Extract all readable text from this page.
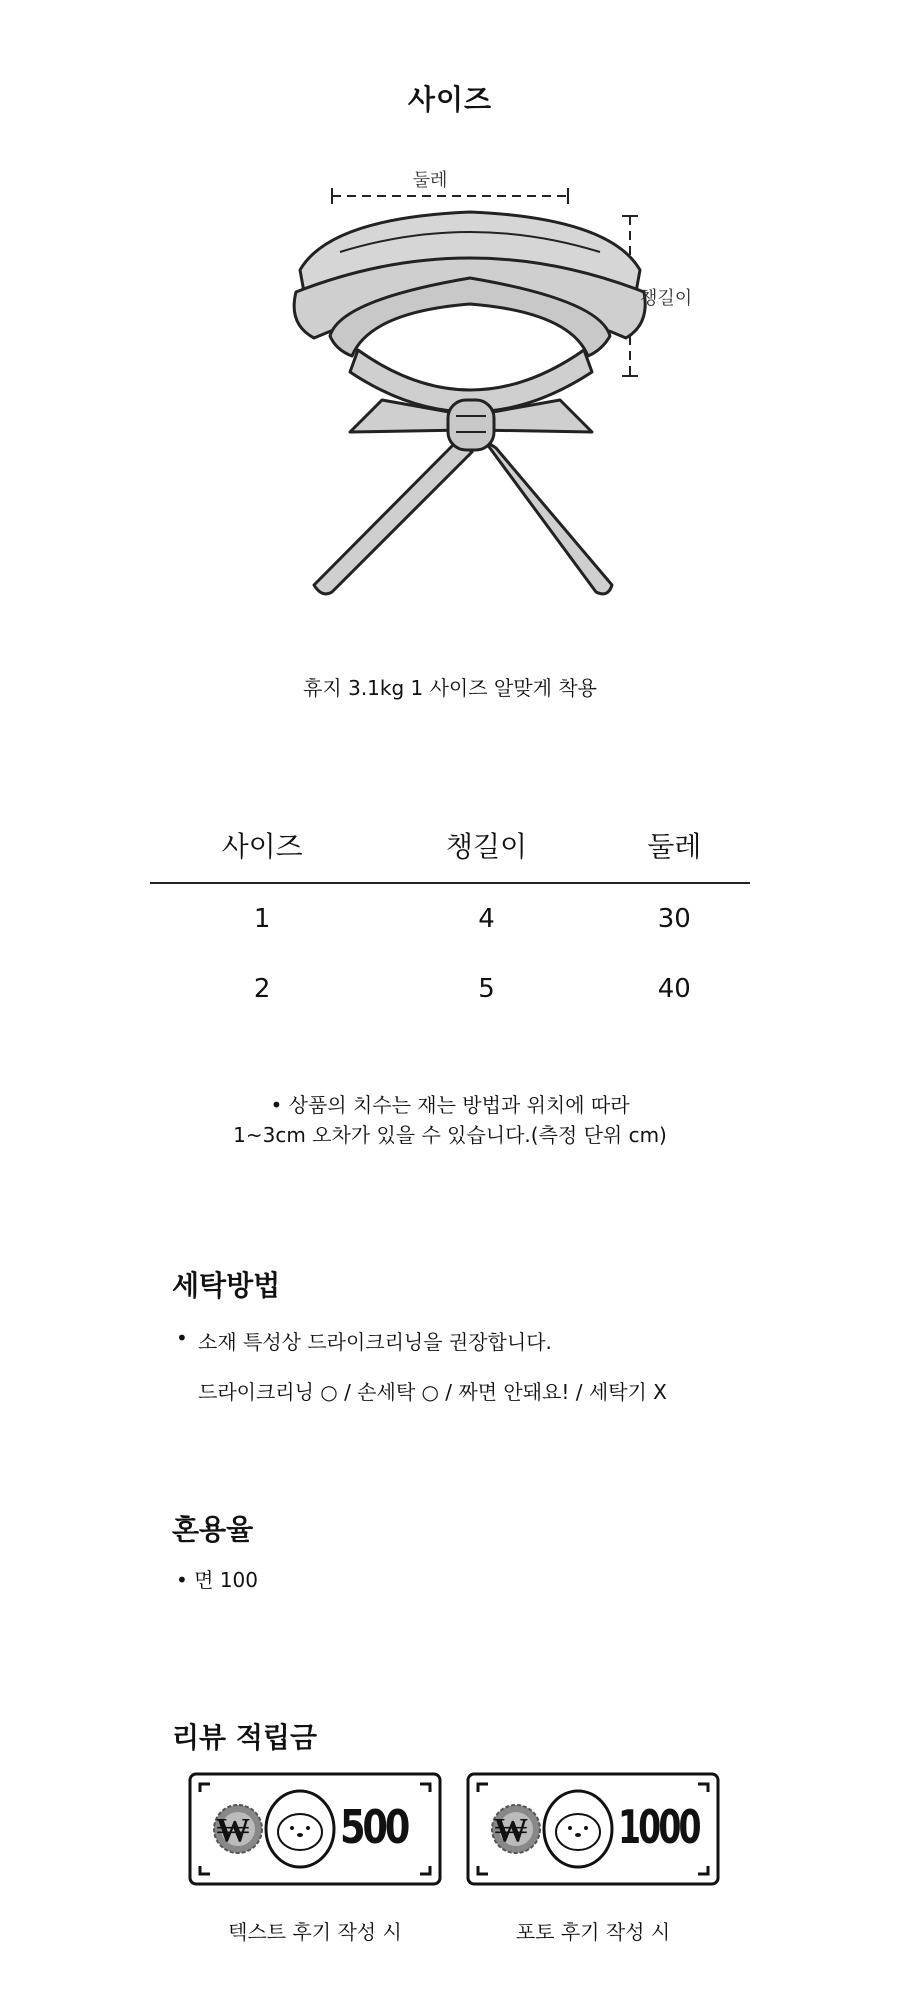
사이즈
둘레
챙길이
휴지 3.1kg 1 사이즈 알맞게 착용
사이즈	챙길이	둘레
1	4	30
2	5	40
• 상품의 치수는 재는 방법과 위치에 따라
1~3cm 오차가 있을 수 있습니다.(측정 단위 cm)
세탁방법
• 소재 특성상 드라이크리닝을 권장합니다.
드라이크리닝 ○ / 손세탁 ○ / 짜면 안돼요! / 세탁기 X
혼용율
• 면 100
리뷰 적립금
₩ 500
텍스트 후기 작성 시
₩ 1000
포토 후기 작성 시
